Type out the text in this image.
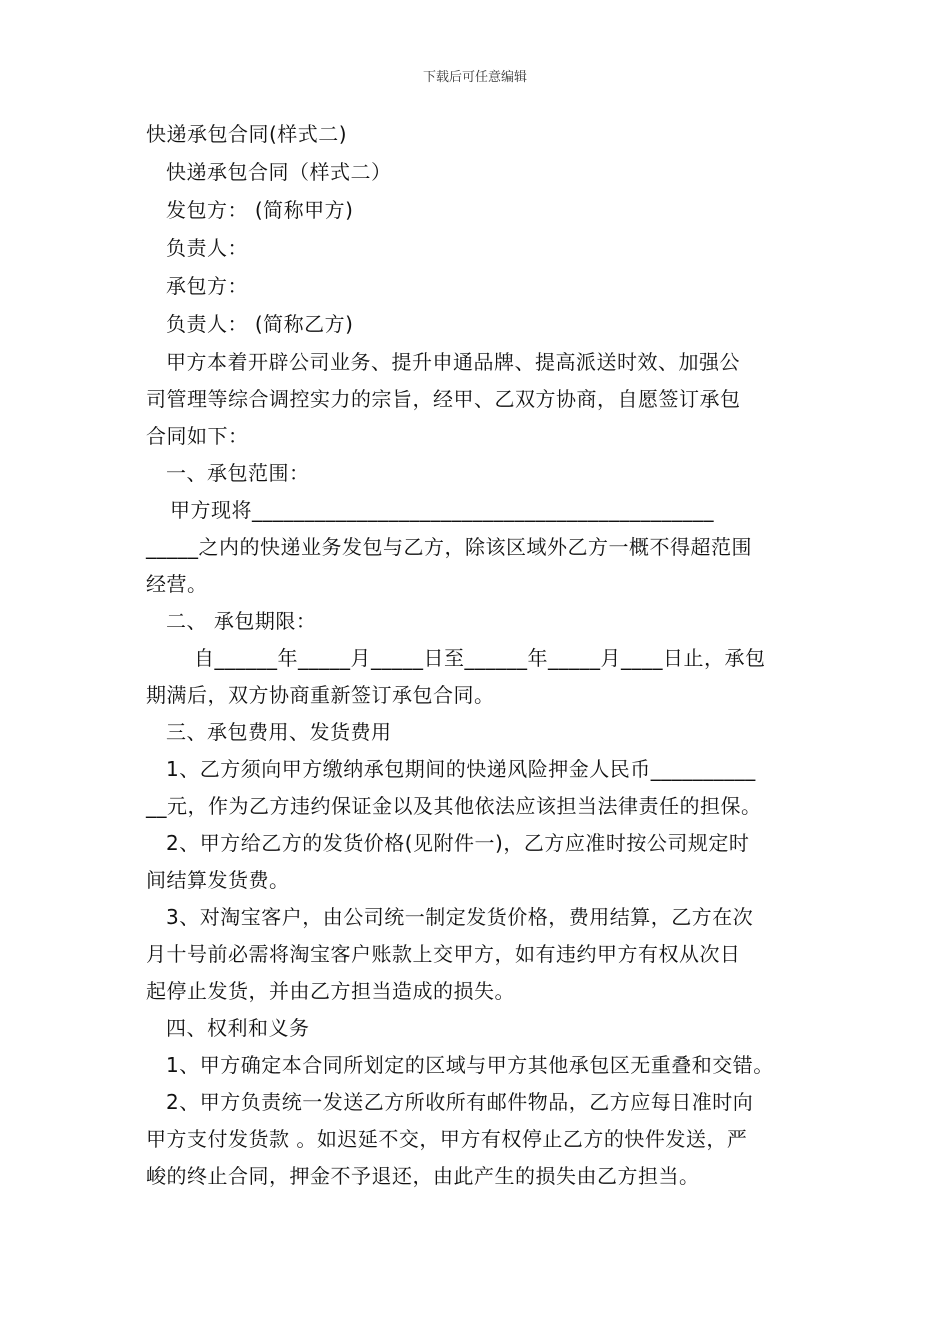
下载后可任意编辑
快递承包合同(样式二)
快递承包合同（样式二）
发包方： (简称甲方)
负责人：
承包方：
负责人： (简称乙方)
甲方本着开辟公司业务、提升申通品牌、提高派送时效、加强公
司管理等综合调控实力的宗旨，经甲、乙双方协商，自愿签订承包
合同如下：
一、承包范围：
甲方现将____________________________________________
_____之内的快递业务发包与乙方，除该区域外乙方一概不得超范围
经营。
二、 承包期限：
自______年_____月_____日至______年_____月____日止，承包
期满后，双方协商重新签订承包合同。
三、承包费用、发货费用
1、乙方须向甲方缴纳承包期间的快递风险押金人民币__________
__元，作为乙方违约保证金以及其他依法应该担当法律责任的担保。
2、甲方给乙方的发货价格(见附件一)，乙方应准时按公司规定时
间结算发货费。
3、对淘宝客户，由公司统一制定发货价格，费用结算，乙方在次
月十号前必需将淘宝客户账款上交甲方，如有违约甲方有权从次日
起停止发货，并由乙方担当造成的损失。
四、权利和义务
1、甲方确定本合同所划定的区域与甲方其他承包区无重叠和交错。
2、甲方负责统一发送乙方所收所有邮件物品，乙方应每日准时向
甲方支付发货款 。如迟延不交，甲方有权停止乙方的快件发送，严
峻的终止合同，押金不予退还，由此产生的损失由乙方担当。
